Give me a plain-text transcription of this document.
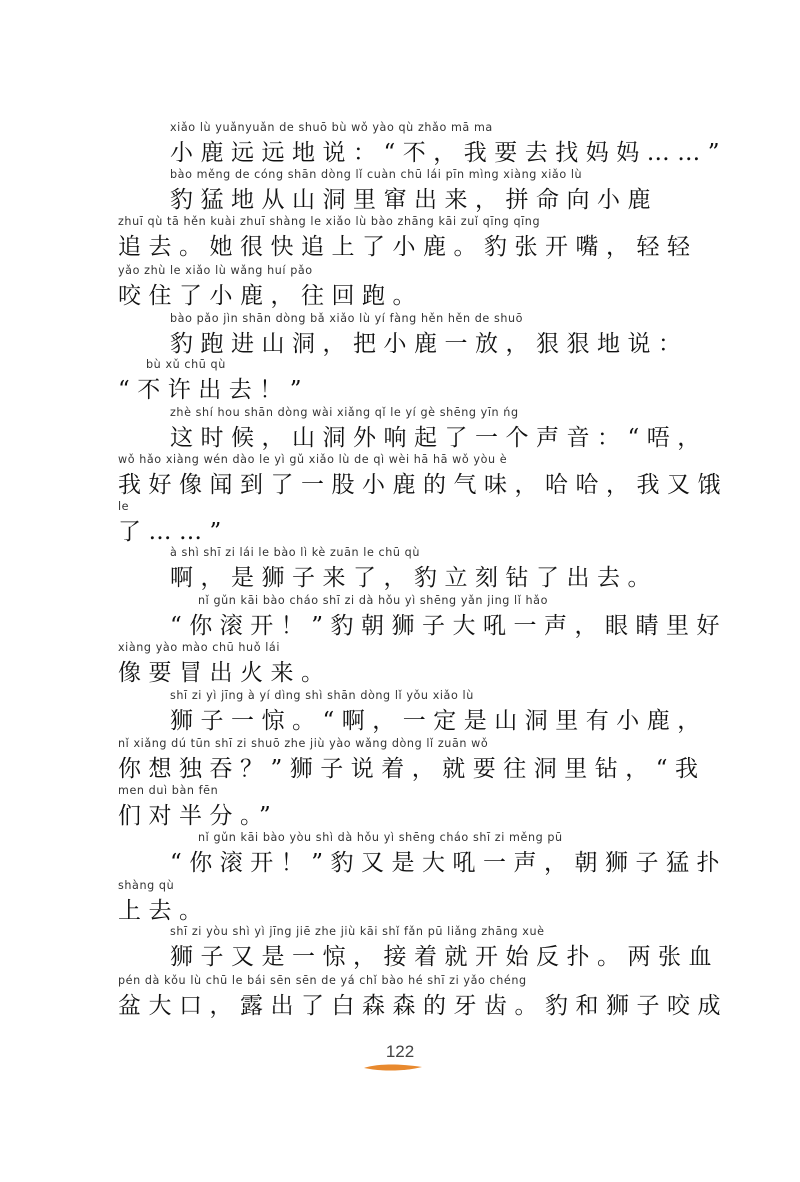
xiǎo lù yuǎnyuǎn de shuō bù wǒ yào qù zhǎo mā ma
小鹿远远地说：“不，我要去找妈妈……”
bào měng de cóng shān dòng lǐ cuàn chū lái pīn mìng xiàng xiǎo lù
豹猛地从山洞里窜出来，拼命向小鹿
zhuī qù tā hěn kuài zhuī shàng le xiǎo lù bào zhāng kāi zuǐ qīng qīng
追去。她很快追上了小鹿。豹张开嘴，轻轻
yǎo zhù le xiǎo lù wǎng huí pǎo
咬住了小鹿，往回跑。
bào pǎo jìn shān dòng bǎ xiǎo lù yí fàng hěn hěn de shuō
豹跑进山洞，把小鹿一放，狠狠地说：
bù xǔ chū qù
“不许出去！”
zhè shí hou shān dòng wài xiǎng qǐ le yí gè shēng yīn ńg
这时候，山洞外响起了一个声音：“唔，
wǒ hǎo xiàng wén dào le yì gǔ xiǎo lù de qì wèi hā hā wǒ yòu è
我好像闻到了一股小鹿的气味，哈哈，我又饿
le
了……”
à shì shī zi lái le bào lì kè zuān le chū qù
啊，是狮子来了，豹立刻钻了出去。
nǐ gǔn kāi bào cháo shī zi dà hǒu yì shēng yǎn jing lǐ hǎo
“你滚开！”豹朝狮子大吼一声，眼睛里好
xiàng yào mào chū huǒ lái
像要冒出火来。
shī zi yì jīng à yí dìng shì shān dòng lǐ yǒu xiǎo lù
狮子一惊。“啊，一定是山洞里有小鹿，
nǐ xiǎng dú tūn shī zi shuō zhe jiù yào wǎng dòng lǐ zuān wǒ
你想独吞？”狮子说着，就要往洞里钻，“我
men duì bàn fēn
们对半分。”
nǐ gǔn kāi bào yòu shì dà hǒu yì shēng cháo shī zi měng pū
“你滚开！”豹又是大吼一声，朝狮子猛扑
shàng qù
上去。
shī zi yòu shì yì jīng jiē zhe jiù kāi shǐ fǎn pū liǎng zhāng xuè
狮子又是一惊，接着就开始反扑。两张血
pén dà kǒu lù chū le bái sēn sēn de yá chǐ bào hé shī zi yǎo chéng
盆大口，露出了白森森的牙齿。豹和狮子咬成
122
